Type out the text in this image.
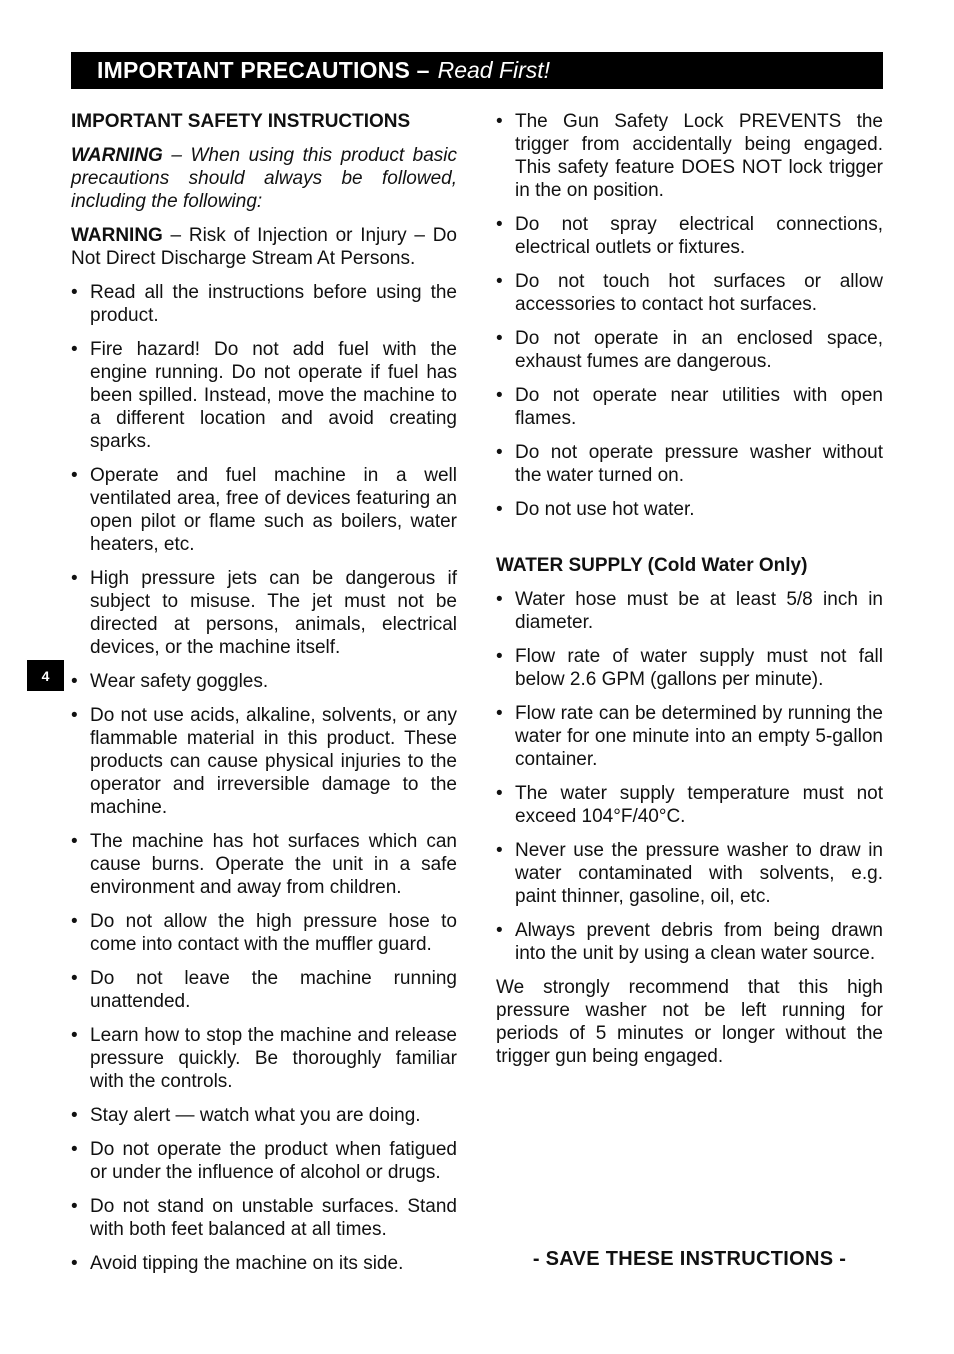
IMPORTANT PRECAUTIONS – Read First!
4
IMPORTANT SAFETY INSTRUCTIONS

WARNING – When using this product basic precautions should always be followed, including the following:

WARNING – Risk of Injection or Injury – Do Not Direct Discharge Stream At Persons.

• Read all the instructions before using the product.
• Fire hazard! Do not add fuel with the engine running. Do not operate if fuel has been spilled. Instead, move the machine to a different location and avoid creating sparks.
• Operate and fuel machine in a well ventilated area, free of devices featuring an open pilot or flame such as boilers, water heaters, etc.
• High pressure jets can be dangerous if subject to misuse. The jet must not be directed at persons, animals, electrical devices, or the machine itself.
• Wear safety goggles.
• Do not use acids, alkaline, solvents, or any flammable material in this product. These products can cause physical injuries to the operator and irreversible damage to the machine.
• The machine has hot surfaces which can cause burns. Operate the unit in a safe environment and away from children.
• Do not allow the high pressure hose to come into contact with the muffler guard.
• Do not leave the machine running unattended.
• Learn how to stop the machine and release pressure quickly. Be thoroughly familiar with the controls.
• Stay alert — watch what you are doing.
• Do not operate the product when fatigued or under the influence of alcohol or drugs.
• Do not stand on unstable surfaces. Stand with both feet balanced at all times.
• Avoid tipping the machine on its side.
• The Gun Safety Lock PREVENTS the trigger from accidentally being engaged. This safety feature DOES NOT lock trigger in the on position.
• Do not spray electrical connections, electrical outlets or fixtures.
• Do not touch hot surfaces or allow accessories to contact hot surfaces.
• Do not operate in an enclosed space, exhaust fumes are dangerous.
• Do not operate near utilities with open flames.
• Do not operate pressure washer without the water turned on.
• Do not use hot water.
WATER SUPPLY (Cold Water Only)
• Water hose must be at least 5/8 inch in diameter.
• Flow rate of water supply must not fall below 2.6 GPM (gallons per minute).
• Flow rate can be determined by running the water for one minute into an empty 5-gallon container.
• The water supply temperature must not exceed 104°F/40°C.
• Never use the pressure washer to draw in water contaminated with solvents, e.g. paint thinner, gasoline, oil, etc.
• Always prevent debris from being drawn into the unit by using a clean water source.

We strongly recommend that this high pressure washer not be left running for periods of 5 minutes or longer without the trigger gun being engaged.

- SAVE THESE INSTRUCTIONS -
